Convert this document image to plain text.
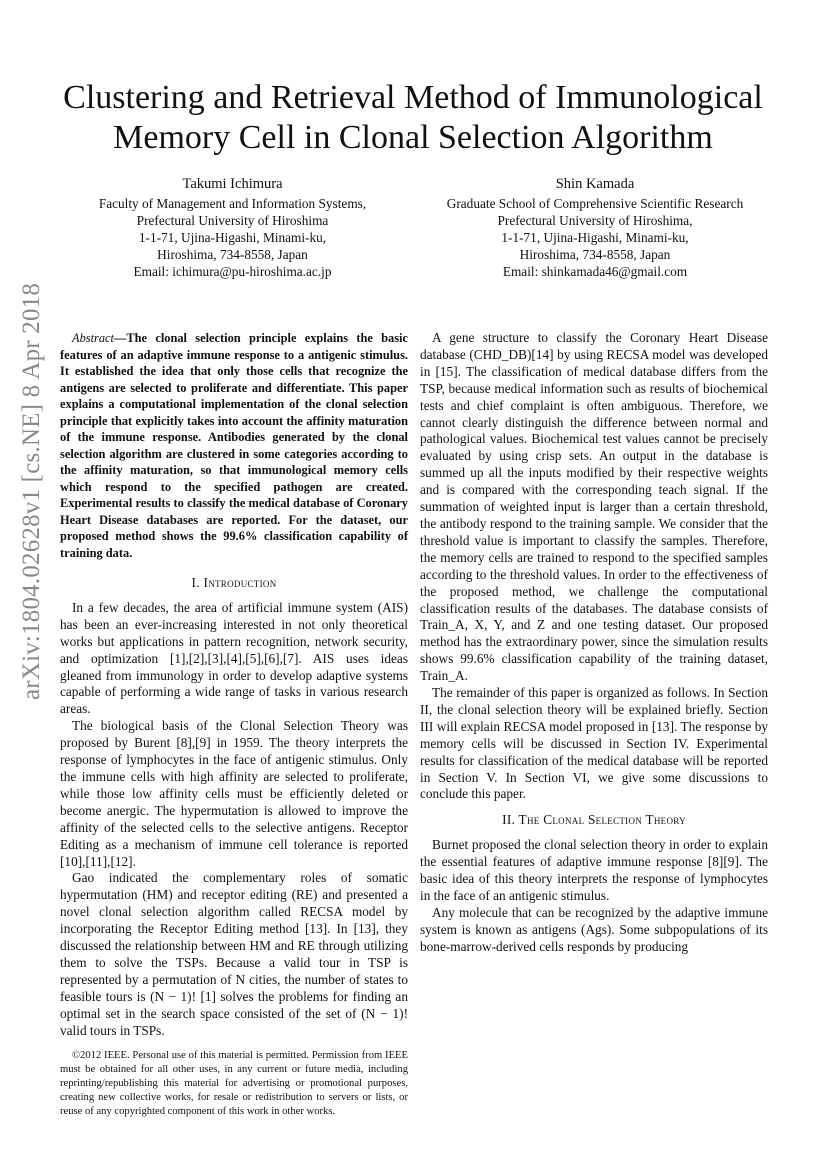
Clustering and Retrieval Method of Immunological
Memory Cell in Clonal Selection Algorithm
Takumi Ichimura
Faculty of Management and Information Systems,
Prefectural University of Hiroshima
1-1-71, Ujina-Higashi, Minami-ku,
Hiroshima, 734-8558, Japan
Email: ichimura@pu-hiroshima.ac.jp
Shin Kamada
Graduate School of Comprehensive Scientific Research
Prefectural University of Hiroshima,
1-1-71, Ujina-Higashi, Minami-ku,
Hiroshima, 734-8558, Japan
Email: shinkamada46@gmail.com
arXiv:1804.02628v1 [cs.NE] 8 Apr 2018	Abstract—The clonal selection principle explains the basic features of an adaptive immune response to a antigenic stimulus. It established the idea that only those cells that recognize the antigens are selected to proliferate and differentiate. This paper explains a computational implementation of the clonal selection principle that explicitly takes into account the affinity maturation of the immune response. Antibodies generated by the clonal selection algorithm are clustered in some categories according to the affinity maturation, so that immunological memory cells which respond to the specified pathogen are created. Experimental results to classify the medical database of Coronary Heart Disease databases are reported. For the dataset, our proposed method shows the 99.6% classification capability of training data.

I. Introduction

In a few decades, the area of artificial immune system (AIS) has been an ever-increasing interested in not only theoretical works but applications in pattern recognition, network security, and optimization [1],[2],[3],[4],[5],[6],[7]. AIS uses ideas gleaned from immunology in order to develop adaptive systems capable of performing a wide range of tasks in various research areas.

The biological basis of the Clonal Selection Theory was proposed by Burent [8],[9] in 1959. The theory interprets the response of lymphocytes in the face of antigenic stimulus. Only the immune cells with high affinity are selected to proliferate, while those low affinity cells must be efficiently deleted or become anergic. The hypermutation is allowed to improve the affinity of the selected cells to the selective antigens. Receptor Editing as a mechanism of immune cell tolerance is reported [10],[11],[12].

Gao indicated the complementary roles of somatic hypermutation (HM) and receptor editing (RE) and presented a novel clonal selection algorithm called RECSA model by incorporating the Receptor Editing method [13]. In [13], they discussed the relationship between HM and RE through utilizing them to solve the TSPs. Because a valid tour in TSP is represented by a permutation of N cities, the number of states to feasible tours is (N − 1)! [1] solves the problems for finding an optimal set in the search space consisted of the set of (N − 1)! valid tours in TSPs.

©2012 IEEE. Personal use of this material is permitted. Permission from IEEE must be obtained for all other uses, in any current or future media, including reprinting/republishing this material for advertising or promotional purposes, creating new collective works, for resale or redistribution to servers or lists, or reuse of any copyrighted component of this work in other works.

A gene structure to classify the Coronary Heart Disease database (CHD_DB)[14] by using RECSA model was developed in [15]. The classification of medical database differs from the TSP, because medical information such as results of biochemical tests and chief complaint is often ambiguous. Therefore, we cannot clearly distinguish the difference between normal and pathological values. Biochemical test values cannot be precisely evaluated by using crisp sets. An output in the database is summed up all the inputs modified by their respective weights and is compared with the corresponding teach signal. If the summation of weighted input is larger than a certain threshold, the antibody respond to the training sample. We consider that the threshold value is important to classify the samples. Therefore, the memory cells are trained to respond to the specified samples according to the threshold values. In order to the effectiveness of the proposed method, we challenge the computational classification results of the databases. The database consists of Train_A, X, Y, and Z and one testing dataset. Our proposed method has the extraordinary power, since the simulation results shows 99.6% classification capability of the training dataset, Train_A.

The remainder of this paper is organized as follows. In Section II, the clonal selection theory will be explained briefly. Section III will explain RECSA model proposed in [13]. The response by memory cells will be discussed in Section IV. Experimental results for classification of the medical database will be reported in Section V. In Section VI, we give some discussions to conclude this paper.

II. The Clonal Selection Theory

Burnet proposed the clonal selection theory in order to explain the essential features of adaptive immune response [8][9]. The basic idea of this theory interprets the response of lymphocytes in the face of an antigenic stimulus.

Any molecule that can be recognized by the adaptive immune system is known as antigens (Ags). Some subpopulations of its bone-marrow-derived cells responds by producing
